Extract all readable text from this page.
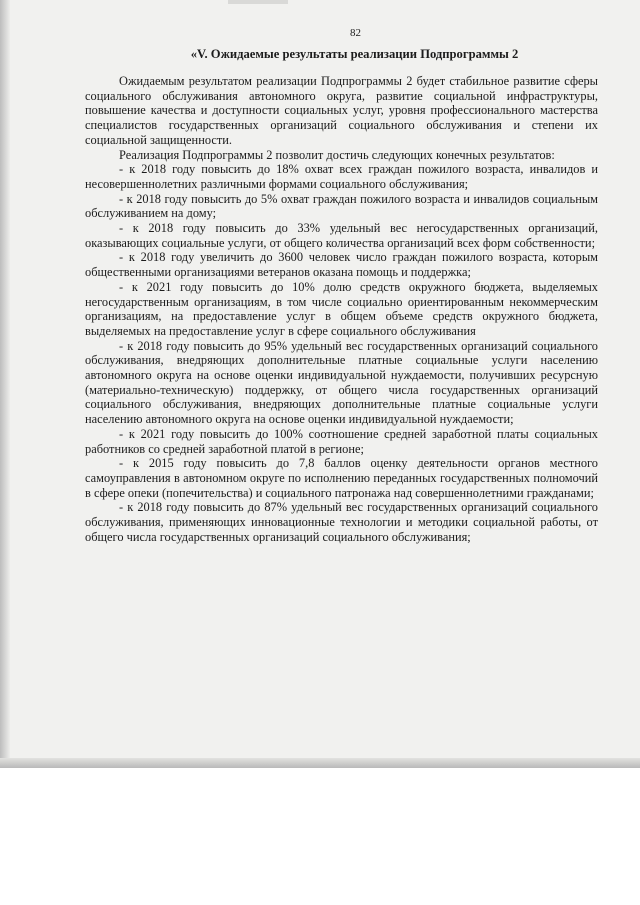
82
«V. Ожидаемые результаты реализации Подпрограммы 2

Ожидаемым результатом реализации Подпрограммы 2 будет стабильное развитие сферы социального обслуживания автономного округа, развитие социальной инфраструктуры, повышение качества и доступности социальных услуг, уровня профессионального мастерства специалистов государственных организаций социального обслуживания и степени их социальной защищенности.

Реализация Подпрограммы 2 позволит достичь следующих конечных результатов:

- к 2018 году повысить до 18% охват всех граждан пожилого возраста, инвалидов и несовершеннолетних различными формами социального обслуживания;

- к 2018 году повысить до 5% охват граждан пожилого возраста и инвалидов социальным обслуживанием на дому;

- к 2018 году повысить до 33% удельный вес негосударственных организаций, оказывающих социальные услуги, от общего количества организаций всех форм собственности;

- к 2018 году увеличить до 3600 человек число граждан пожилого возраста, которым общественными организациями ветеранов оказана помощь и поддержка;

- к 2021 году повысить до 10% долю средств окружного бюджета, выделяемых негосударственным организациям, в том числе социально ориентированным некоммерческим организациям, на предоставление услуг в общем объеме средств окружного бюджета, выделяемых на предоставление услуг в сфере социального обслуживания

- к 2018 году повысить до 95% удельный вес государственных организаций социального обслуживания, внедряющих дополнительные платные социальные услуги населению автономного округа на основе оценки индивидуальной нуждаемости, получивших ресурсную (материально-техническую) поддержку, от общего числа государственных организаций социального обслуживания, внедряющих дополнительные платные социальные услуги населению автономного округа на основе оценки индивидуальной нуждаемости;

- к 2021 году повысить до 100% соотношение средней заработной платы социальных работников со средней заработной платой в регионе;

- к 2015 году повысить до 7,8 баллов оценку деятельности органов местного самоуправления в автономном округе по исполнению переданных государственных полномочий в сфере опеки (попечительства) и социального патронажа над совершеннолетними гражданами;

- к 2018 году повысить до 87% удельный вес государственных организаций социального обслуживания, применяющих инновационные технологии и методики социальной работы, от общего числа государственных организаций социального обслуживания;
